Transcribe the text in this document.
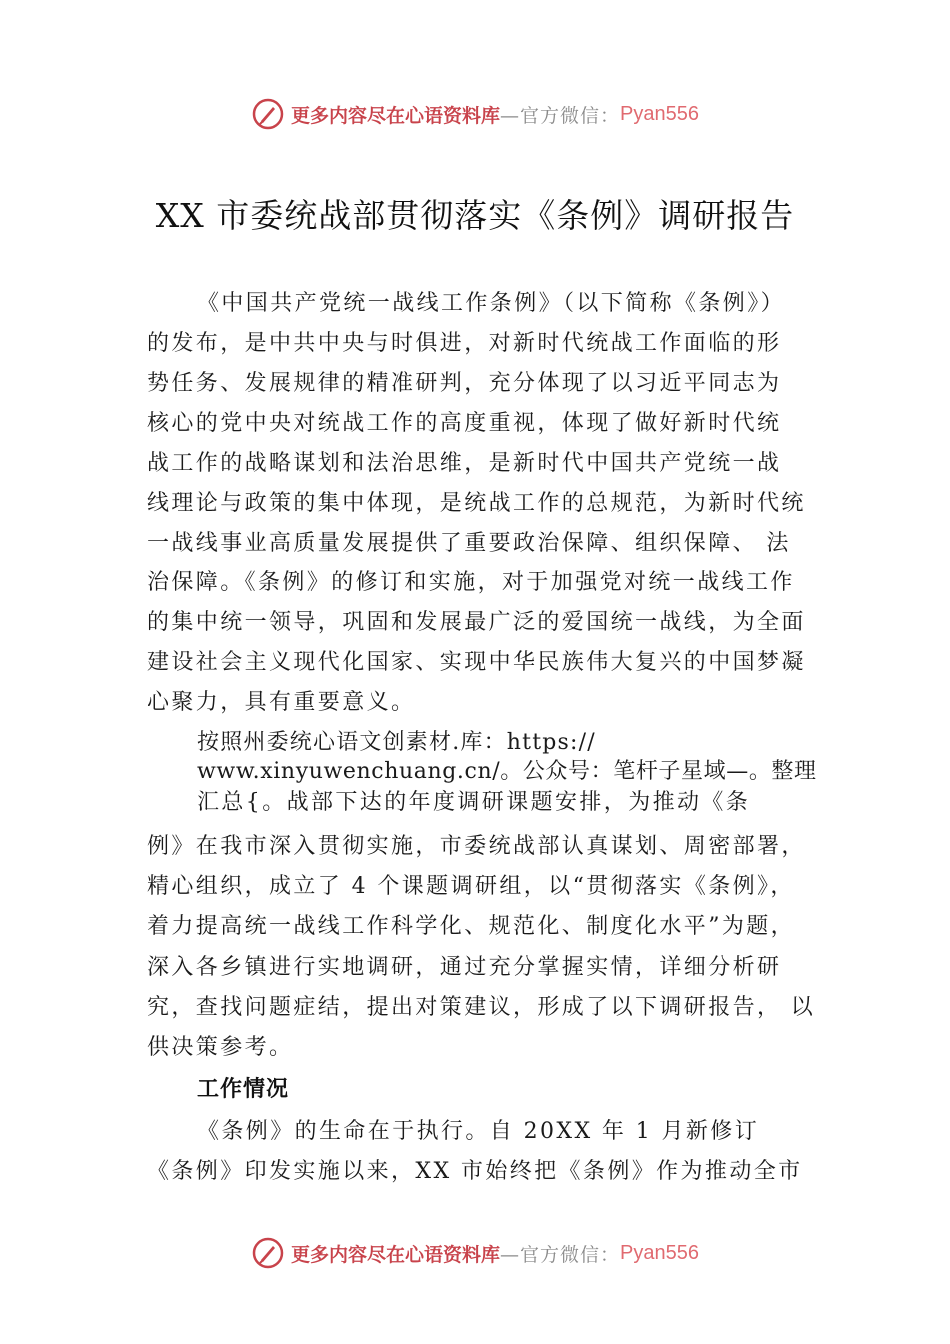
更多内容尽在心语资料库 —官方微信： Pyan556
XX 市委统战部贯彻落实《条例》调研报告
《中国共产党统一战线工作条例》（以下简称《条例》）
的发布，是中共中央与时俱进，对新时代统战工作面临的形
势任务、发展规律的精准研判，充分体现了以习近平同志为
核心的党中央对统战工作的高度重视，体现了做好新时代统
战工作的战略谋划和法治思维，是新时代中国共产党统一战
线理论与政策的集中体现，是统战工作的总规范，为新时代统
一战线事业高质量发展提供了重要政治保障、组织保障、 法
治保障。《条例》的修订和实施，对于加强党对统一战线工作
的集中统一领导，巩固和发展最广泛的爱国统一战线，为全面
建设社会主义现代化国家、实现中华民族伟大复兴的中国梦凝
心聚力，具有重要意义。
按照州委统心语文创素材.库：https://
www.xinyuwenchuang.cn/。公众号：笔杆子星域—。整理
汇总{。战部下达的年度调研课题安排，为推动《条
例》在我市深入贯彻实施，市委统战部认真谋划、周密部署，
精心组织，成立了 4 个课题调研组，以“贯彻落实《条例》，
着力提高统一战线工作科学化、规范化、制度化水平”为题，
深入各乡镇进行实地调研，通过充分掌握实情，详细分析研
究，查找问题症结，提出对策建议，形成了以下调研报告， 以
供决策参考。
工作情况
《条例》的生命在于执行。自 20XX 年 1 月新修订
《条例》印发实施以来，XX 市始终把《条例》作为推动全市
更多内容尽在心语资料库 —官方微信： Pyan556
